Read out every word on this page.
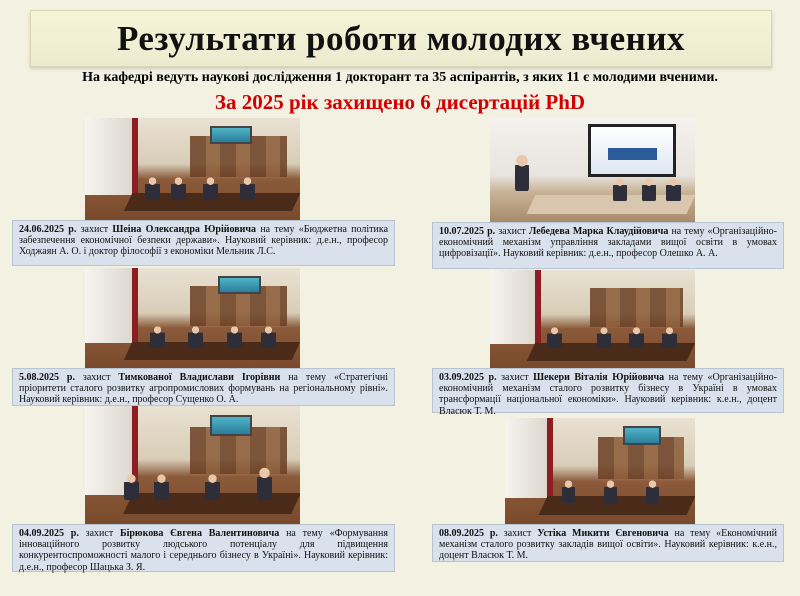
Результати роботи молодих вчених
На кафедрі ведуть наукові дослідження 1 докторант та 35 аспірантів, з яких 11 є молодими вченими.
За 2025 рік захищено 6 дисертацій PhD
24.06.2025 р. захист Шеіна Олександра Юрійовича на тему «Бюджетна політика забезпечення економічної безпеки держави». Науковий керівник: д.е.н., професор Ходжаян А. О. і доктор філософії з економіки Мельник Л.С.
10.07.2025 р. захист Лебедева Марка Клаудійовича на тему «Організаційно-економічний механізм управління закладами вищої освіти в умовах цифровізації». Науковий керівник: д.е.н., професор Олешко А. А.
5.08.2025 р. захист Тимкованої Владислави Ігорівни на тему «Стратегічні пріоритети сталого розвитку агропромислових формувань на регіональному рівні». Науковий керівник: д.е.н., професор Сущенко О. А.
03.09.2025 р. захист Шекери Віталія Юрійовича на тему «Організаційно-економічний механізм сталого розвитку бізнесу в Україні в умовах трансформації національної економіки». Науковий керівник: к.е.н., доцент Власюк Т. М.
04.09.2025 р. захист Бірюкова Євгена Валентиновича на тему «Формування інноваційного розвитку людського потенціалу для підвищення конкурентоспроможності малого і середнього бізнесу в Україні». Науковий керівник: д.е.н., професор Шацька З. Я.
08.09.2025 р. захист Устіка Микити Євгеновича на тему «Економічний механізм сталого розвитку закладів вищої освіти». Науковий керівник: к.е.н., доцент Власюк Т. М.
